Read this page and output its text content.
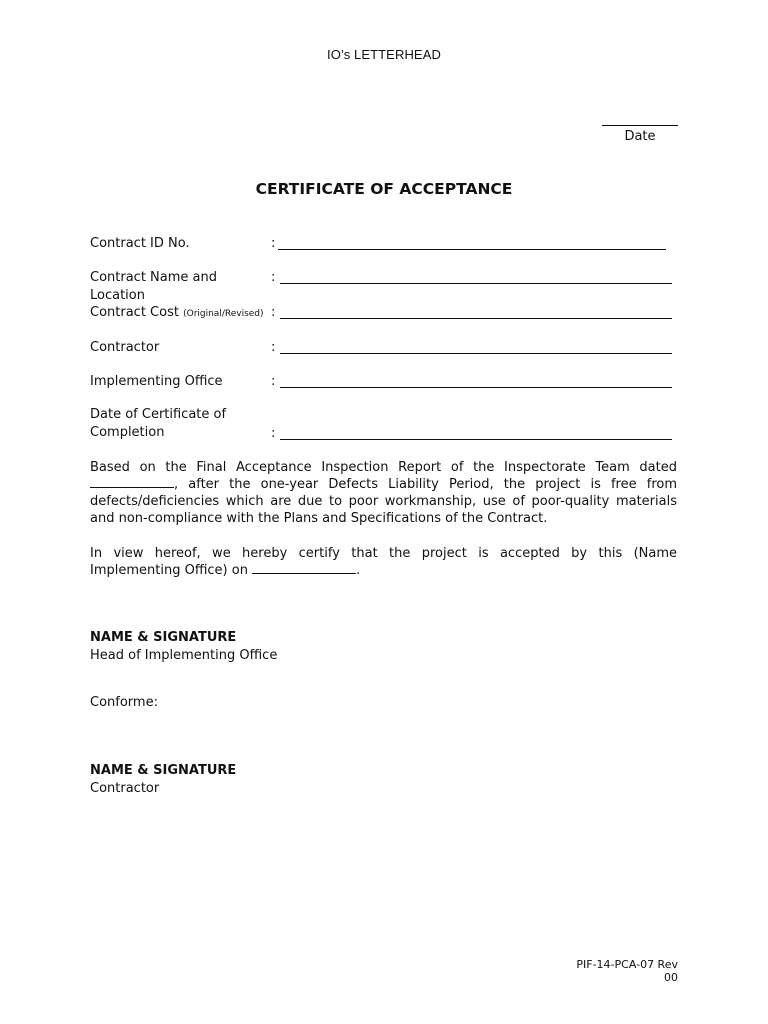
IO’s LETTERHEAD
Date
CERTIFICATE OF ACCEPTANCE
Contract ID No.	:
Contract Name and Location
:
Contract Cost (Original/Revised) :
Contractor	:
Implementing Office	:
Date of Certificate of Completion	:
Based on the Final Acceptance Inspection Report of the Inspectorate Team dated , after the one-year Defects Liability Period, the project is free from defects/deficiencies which are due to poor workmanship, use of poor-quality materials and non-compliance with the Plans and Specifications of the Contract.
In view hereof, we hereby certify that the project is accepted by this (Name Implementing Office) on	.
NAME & SIGNATURE
Head of Implementing Office
Conforme:
NAME & SIGNATURE
Contractor
PIF-14-PCA-07 Rev 00
